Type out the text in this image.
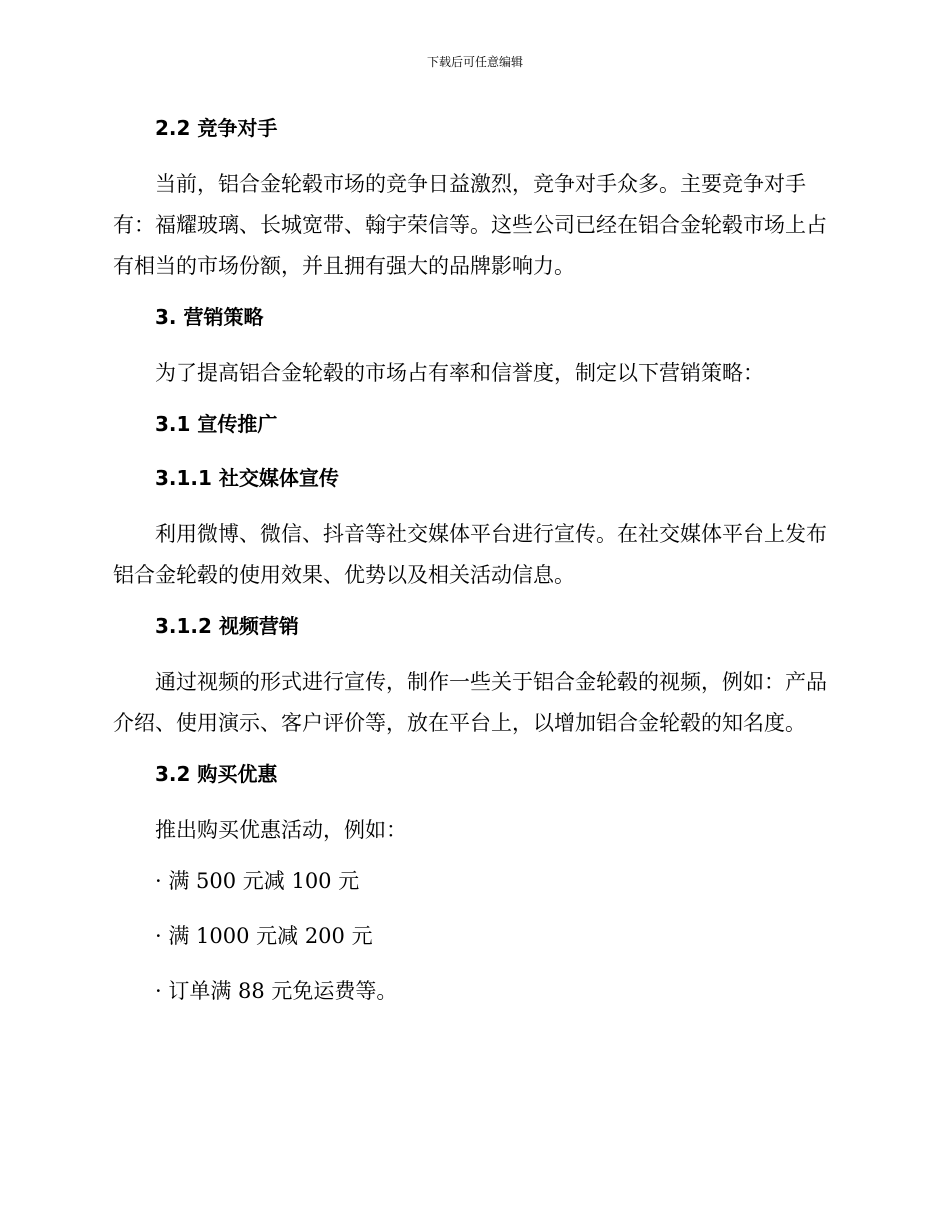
下载后可任意编辑
2.2 竞争对手
当前，铝合金轮毂市场的竞争日益激烈，竞争对手众多。主要竞争对手有：福耀玻璃、长城宽带、翰宇荣信等。这些公司已经在铝合金轮毂市场上占有相当的市场份额，并且拥有强大的品牌影响力。
3. 营销策略
为了提高铝合金轮毂的市场占有率和信誉度，制定以下营销策略：
3.1 宣传推广
3.1.1 社交媒体宣传
利用微博、微信、抖音等社交媒体平台进行宣传。在社交媒体平台上发布铝合金轮毂的使用效果、优势以及相关活动信息。
3.1.2 视频营销
通过视频的形式进行宣传，制作一些关于铝合金轮毂的视频，例如：产品介绍、使用演示、客户评价等，放在平台上，以增加铝合金轮毂的知名度。
3.2 购买优惠
推出购买优惠活动，例如：
· 满 500 元减 100 元
· 满 1000 元减 200 元
· 订单满 88 元免运费等。
